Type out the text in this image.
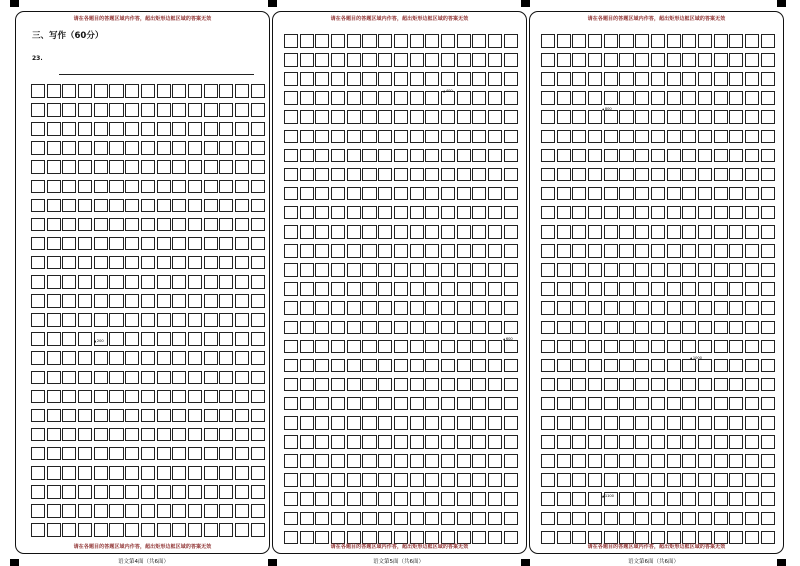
请在各题目的答题区域内作答，超出矩形边框区域的答案无效
三、写作（60分）
23.
▲ 200
请在各题目的答题区域内作答，超出矩形边框区域的答案无效
请在各题目的答题区域内作答，超出矩形边框区域的答案无效
▲ 400
▲ 600
请在各题目的答题区域内作答，超出矩形边框区域的答案无效
请在各题目的答题区域内作答，超出矩形边框区域的答案无效
▲ 800
▲ 1000
▲ 1100
请在各题目的答题区域内作答，超出矩形边框区域的答案无效
语文第4面（共6面）	语文第5面（共6面）	语文第6面（共6面）
